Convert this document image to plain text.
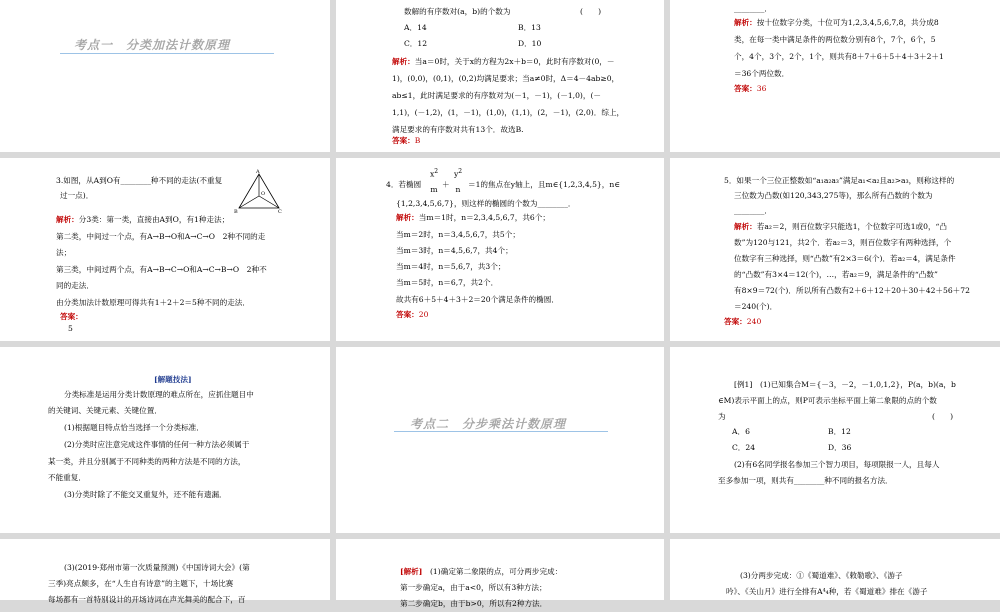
考点一　分类加法计数原理
数解的有序数对(a，b)的个数为	(　　)
A．14	B．13
C．12	D．10
解析：当a＝0时，关于x的方程为2x＋b＝0，此时有序数对(0，－
1)，(0,0)，(0,1)，(0,2)均满足要求；当a≠0时，Δ＝4－4ab≥0，
ab≤1，此时满足要求的有序数对为(－1，－1)，(－1,0)，(－
1,1)，(－1,2)，(1，－1)，(1,0)，(1,1)，(2，－1)，(2,0)．综上，
满足要求的有序数对共有13个．故选B.
答案：B
________．
解析：按十位数字分类，十位可为1,2,3,4,5,6,7,8，共分成8
类，在每一类中满足条件的两位数分别有8个，7个，6个，5
个，4个，3个，2个，1个，则共有8＋7＋6＋5＋4＋3＋2＋1
＝36个两位数．
答案：36
3.如图，从A到O有________种不同的走法(不重复
过一点)．
A
B	C
O
解析：分3类：第一类，直接由A到O，有1种走法；
第二类，中间过一个点，有A→B→O和A→C→O　2种不同的走
法；
第三类，中间过两个点，有A→B→C→O和A→C→B→O　2种不
同的走法．
由分类加法计数原理可得共有1＋2＋2＝5种不同的走法．
答案：
5
4．若椭圆
$x^2$
m
＋
$y^2$
n
＝1的焦点在y轴上，且m∈{1,2,3,4,5}，n∈
{1,2,3,4,5,6,7}，则这样的椭圆的个数为________．
解析：当m＝1时，n＝2,3,4,5,6,7，共6个；
当m＝2时，n＝3,4,5,6,7，共5个；
当m＝3时，n＝4,5,6,7，共4个；
当m＝4时，n＝5,6,7，共3个；
当m＝5时，n＝6,7，共2个．
故共有6＋5＋4＋3＋2＝20个满足条件的椭圆．
答案：20
5．如果一个三位正整数如“a₁a₂a₃”满足a₁<a₂且a₂>a₃，则称这样的
三位数为凸数(如120,343,275等)，那么所有凸数的个数为
________．
解析：若a₂＝2，则百位数字只能选1，个位数字可选1或0，“凸
数”为120与121，共2个．若a₂＝3，则百位数字有两种选择，个
位数字有三种选择，则“凸数”有2×3＝6(个)．若a₂＝4，满足条件
的“凸数”有3×4＝12(个)，…，若a₂＝9，满足条件的“凸数”
有8×9＝72(个)．所以所有凸数有2＋6＋12＋20＋30＋42＋56＋72
＝240(个)．
答案：240
[解题技法]
分类标准是运用分类计数原理的难点所在，应抓住题目中
的关键词、关键元素、关键位置．
(1)根据题目特点恰当选择一个分类标准．
(2)分类时应注意完成这件事情的任何一种方法必须属于
某一类，并且分别属于不同种类的两种方法是不同的方法，
不能重复．
(3)分类时除了不能交叉重复外，还不能有遗漏．
考点二　分步乘法计数原理
[例1]　(1)已知集合M＝{－3，－2，－1,0,1,2}，P(a，b)(a，b
∈M)表示平面上的点，则P可表示坐标平面上第二象限的点的个数
为	(　　)
A．6	B．12
C．24	D．36
(2)有6名同学报名参加三个智力项目，每项限报一人，且每人
至多参加一项，则共有________种不同的报名方法．
(3)(2019·郑州市第一次质量预测)《中国诗词大会》(第
三季)亮点颇多，在“人生自有诗意”的主题下，十场比赛
每场都有一首特别设计的开场诗词在声光舞美的配合下，百
[解析]　 (1)确定第二象限的点，可分两步完成：
第一步确定a，由于a<0，所以有3种方法；
第二步确定b，由于b>0，所以有2种方法．
(3)分两步完成：①《蜀道难》、《敕勒歌》、《游子
吟》、《关山月》进行全排有A⁴₄种，若《蜀道难》排在《游子
